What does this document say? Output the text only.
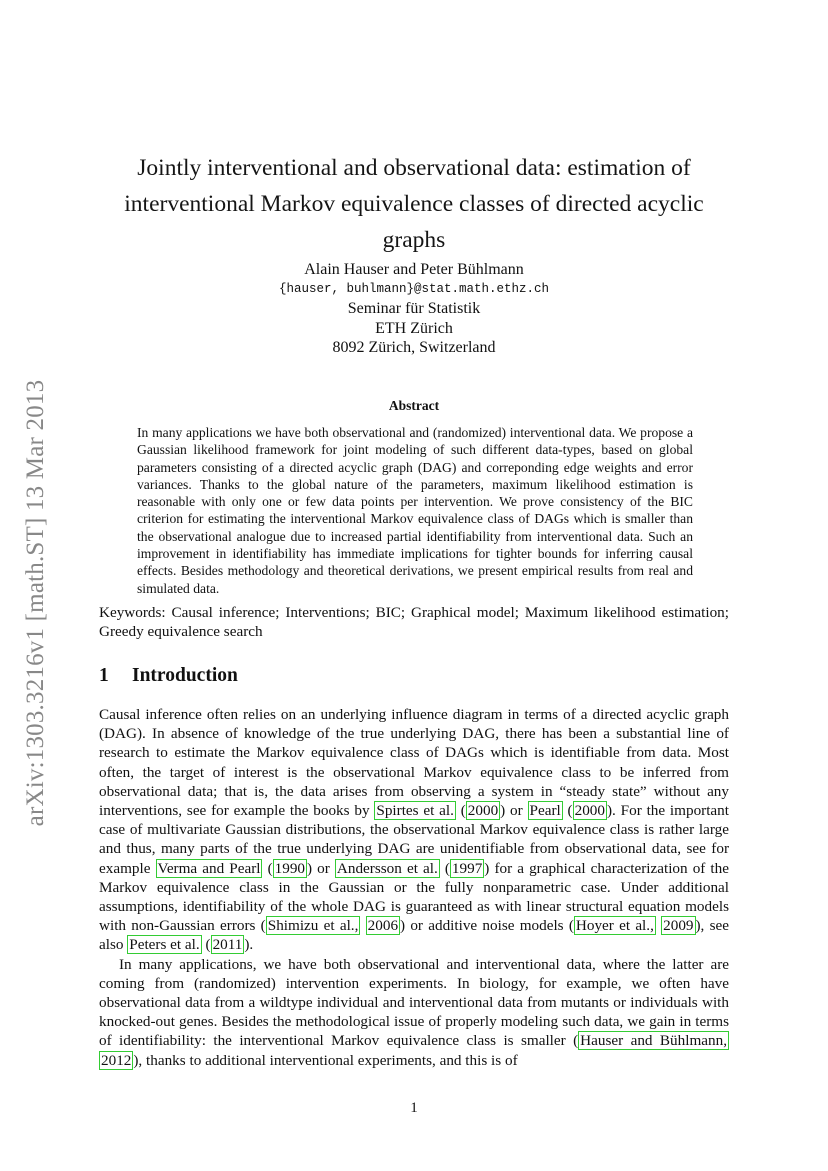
arXiv:1303.3216v1 [math.ST] 13 Mar 2013
Jointly interventional and observational data: estimation of interventional Markov equivalence classes of directed acyclic graphs
Alain Hauser and Peter Bühlmann
{hauser, buhlmann}@stat.math.ethz.ch
Seminar für Statistik
ETH Zürich
8092 Zürich, Switzerland
Abstract
In many applications we have both observational and (randomized) interventional data. We propose a Gaussian likelihood framework for joint modeling of such different data-types, based on global parameters consisting of a directed acyclic graph (DAG) and correponding edge weights and error variances. Thanks to the global nature of the parameters, maximum likelihood estimation is reasonable with only one or few data points per intervention. We prove consistency of the BIC criterion for estimating the interventional Markov equivalence class of DAGs which is smaller than the observational analogue due to increased partial identifiability from interventional data. Such an improvement in identifiability has immediate implications for tighter bounds for inferring causal effects. Besides methodology and theoretical derivations, we present empirical results from real and simulated data.
Keywords: Causal inference; Interventions; BIC; Graphical model; Maximum likelihood estimation; Greedy equivalence search
1 Introduction

Causal inference often relies on an underlying influence diagram in terms of a directed acyclic graph (DAG). In absence of knowledge of the true underlying DAG, there has been a substantial line of research to estimate the Markov equivalence class of DAGs which is identifiable from data. Most often, the target of interest is the observational Markov equivalence class to be inferred from observational data; that is, the data arises from observing a system in “steady state” without any interventions, see for example the books by Spirtes et al. ( 2000 ) or Pearl ( 2000 ). For the important case of multivariate Gaussian distributions, the observational Markov equivalence class is rather large and thus, many parts of the true underlying DAG are unidentifiable from observational data, see for example Verma and Pearl ( 1990 ) or Andersson et al. ( 1997 ) for a graphical characterization of the Markov equivalence class in the Gaussian or the fully nonparametric case. Under additional assumptions, identifiability of the whole DAG is guaranteed as with linear structural equation models with non-Gaussian errors ( Shimizu et al., 2006 ) or additive noise models ( Hoyer et al., 2009 ), see also Peters et al. ( 2011 ).

In many applications, we have both observational and interventional data, where the latter are coming from (randomized) intervention experiments. In biology, for example, we often have observational data from a wildtype individual and interventional data from mutants or individuals with knocked-out genes. Besides the methodological issue of properly modeling such data, we gain in terms of identifiability: the interventional Markov equivalence class is smaller ( Hauser and Bühlmann, 2012 ), thanks to additional interventional experiments, and this is of

1
